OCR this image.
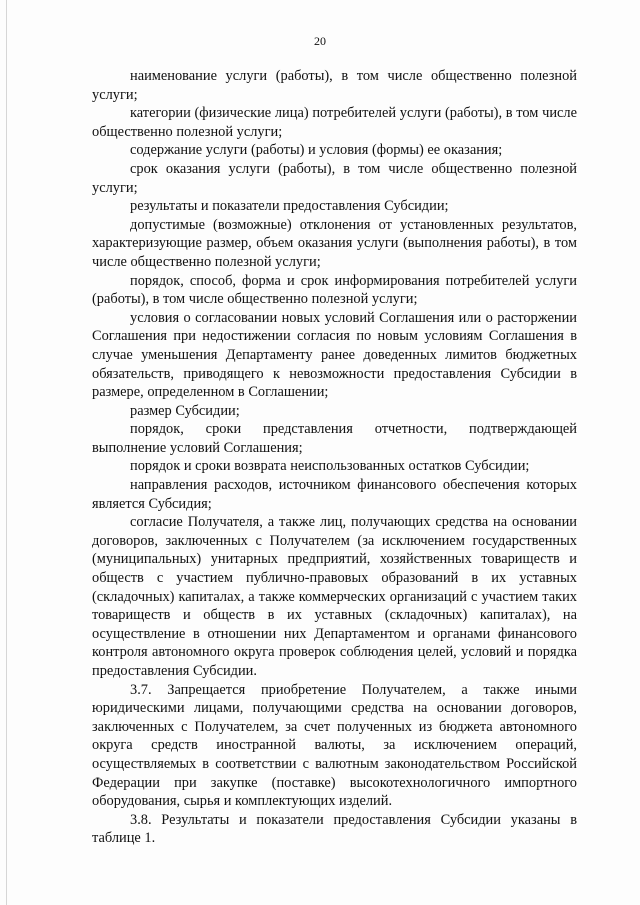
20

наименование услуги (работы), в том числе общественно полезной услуги;

категории (физические лица) потребителей услуги (работы), в том числе общественно полезной услуги;

содержание услуги (работы) и условия (формы) ее оказания;

срок оказания услуги (работы), в том числе общественно полезной услуги;

результаты и показатели предоставления Субсидии;

допустимые (возможные) отклонения от установленных результатов, характеризующие размер, объем оказания услуги (выполнения работы), в том числе общественно полезной услуги;

порядок, способ, форма и срок информирования потребителей услуги (работы), в том числе общественно полезной услуги;

условия о согласовании новых условий Соглашения или о расторжении Соглашения при недостижении согласия по новым условиям Соглашения в случае уменьшения Департаменту ранее доведенных лимитов бюджетных обязательств, приводящего к невозможности предоставления Субсидии в размере, определенном в Соглашении;

размер Субсидии;

порядок, сроки представления отчетности, подтверждающей выполнение условий Соглашения;

порядок и сроки возврата неиспользованных остатков Субсидии;

направления расходов, источником финансового обеспечения которых является Субсидия;

согласие Получателя, а также лиц, получающих средства на основании договоров, заключенных с Получателем (за исключением государственных (муниципальных) унитарных предприятий, хозяйственных товариществ и обществ с участием публично-правовых образований в их уставных (складочных) капиталах, а также коммерческих организаций с участием таких товариществ и обществ в их уставных (складочных) капиталах), на осуществление в отношении них Департаментом и органами финансового контроля автономного округа проверок соблюдения целей, условий и порядка предоставления Субсидии.

3.7. Запрещается приобретение Получателем, а также иными юридическими лицами, получающими средства на основании договоров, заключенных с Получателем, за счет полученных из бюджета автономного округа средств иностранной валюты, за исключением операций, осуществляемых в соответствии с валютным законодательством Российской Федерации при закупке (поставке) высокотехнологичного импортного оборудования, сырья и комплектующих изделий.

3.8. Результаты и показатели предоставления Субсидии указаны в таблице 1.
